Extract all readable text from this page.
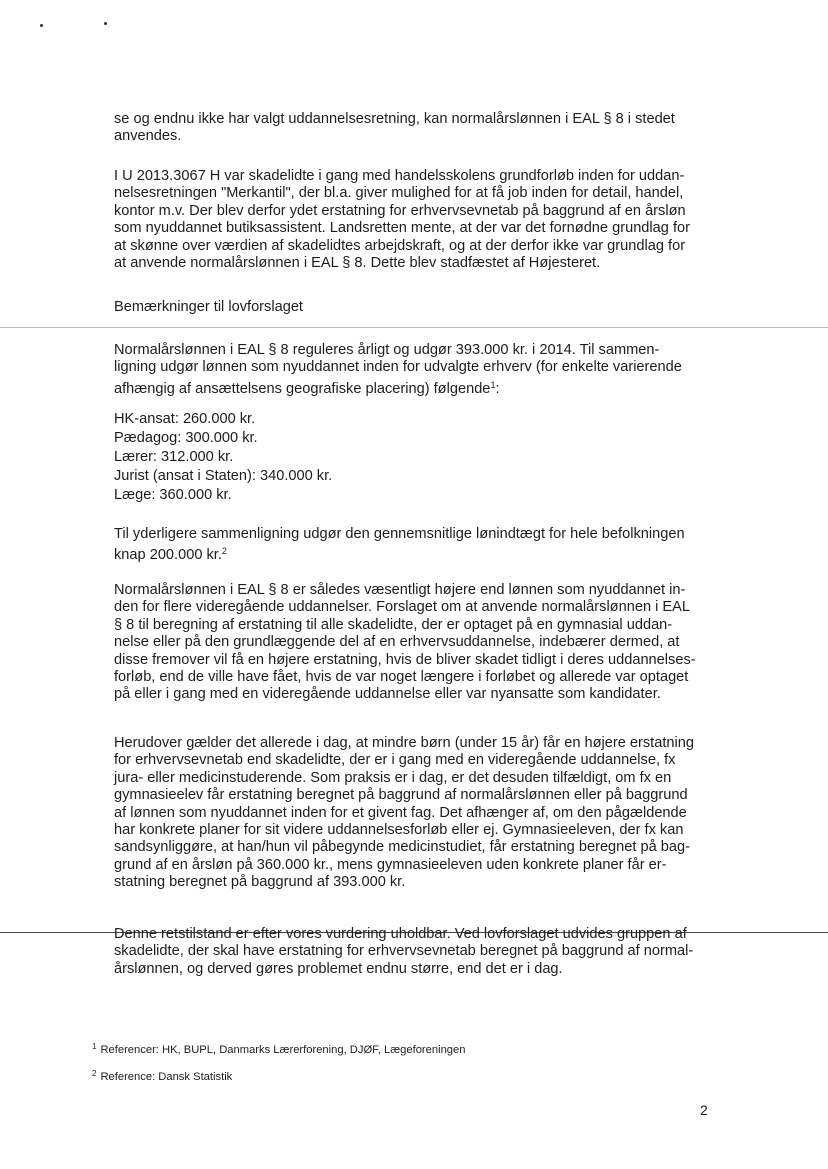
se og endnu ikke har valgt uddannelsesretning, kan normalårslønnen i EAL § 8 i stedet
anvendes.

I U 2013.3067 H var skadelidte i gang med handelsskolens grundforløb inden for uddan-
nelsesretningen "Merkantil", der bl.a. giver mulighed for at få job inden for detail, handel,
kontor m.v. Der blev derfor ydet erstatning for erhvervsevnetab på baggrund af en årsløn
som nyuddannet butiksassistent. Landsretten mente, at der var det fornødne grundlag for
at skønne over værdien af skadelidtes arbejdskraft, og at der derfor ikke var grundlag for
at anvende normalårslønnen i EAL § 8. Dette blev stadfæstet af Højesteret.

Bemærkninger til lovforslaget

Normalårslønnen i EAL § 8 reguleres årligt og udgør 393.000 kr. i 2014. Til sammen-
ligning udgør lønnen som nyuddannet inden for udvalgte erhverv (for enkelte varierende
afhængig af ansættelsens geografiske placering) følgende$^1$:

HK-ansat: 260.000 kr.
Pædagog: 300.000 kr.
Lærer: 312.000 kr.
Jurist (ansat i Staten): 340.000 kr.
Læge: 360.000 kr.

Til yderligere sammenligning udgør den gennemsnitlige lønindtægt for hele befolkningen
knap 200.000 kr.$^2$

Normalårslønnen i EAL § 8 er således væsentligt højere end lønnen som nyuddannet in-
den for flere videregående uddannelser. Forslaget om at anvende normalårslønnen i EAL
§ 8 til beregning af erstatning til alle skadelidte, der er optaget på en gymnasial uddan-
nelse eller på den grundlæggende del af en erhvervsuddannelse, indebærer dermed, at
disse fremover vil få en højere erstatning, hvis de bliver skadet tidligt i deres uddannelses-
forløb, end de ville have fået, hvis de var noget længere i forløbet og allerede var optaget
på eller i gang med en videregående uddannelse eller var nyansatte som kandidater.

Herudover gælder det allerede i dag, at mindre børn (under 15 år) får en højere erstatning
for erhvervsevnetab end skadelidte, der er i gang med en videregående uddannelse, fx
jura- eller medicinstuderende. Som praksis er i dag, er det desuden tilfældigt, om fx en
gymnasieelev får erstatning beregnet på baggrund af normalårslønnen eller på baggrund
af lønnen som nyuddannet inden for et givent fag. Det afhænger af, om den pågældende
har konkrete planer for sit videre uddannelsesforløb eller ej. Gymnasieeleven, der fx kan
sandsynliggøre, at han/hun vil påbegynde medicinstudiet, får erstatning beregnet på bag-
grund af en årsløn på 360.000 kr., mens gymnasieeleven uden konkrete planer får er-
statning beregnet på baggrund af 393.000 kr.

Denne retstilstand er efter vores vurdering uholdbar. Ved lovforslaget udvides gruppen af
skadelidte, der skal have erstatning for erhvervsevnetab beregnet på baggrund af normal-
årslønnen, og derved gøres problemet endnu større, end det er i dag.

$^1$ Referencer: HK, BUPL, Danmarks Lærerforening, DJØF, Lægeforeningen
$^2$ Reference: Dansk Statistik
2
